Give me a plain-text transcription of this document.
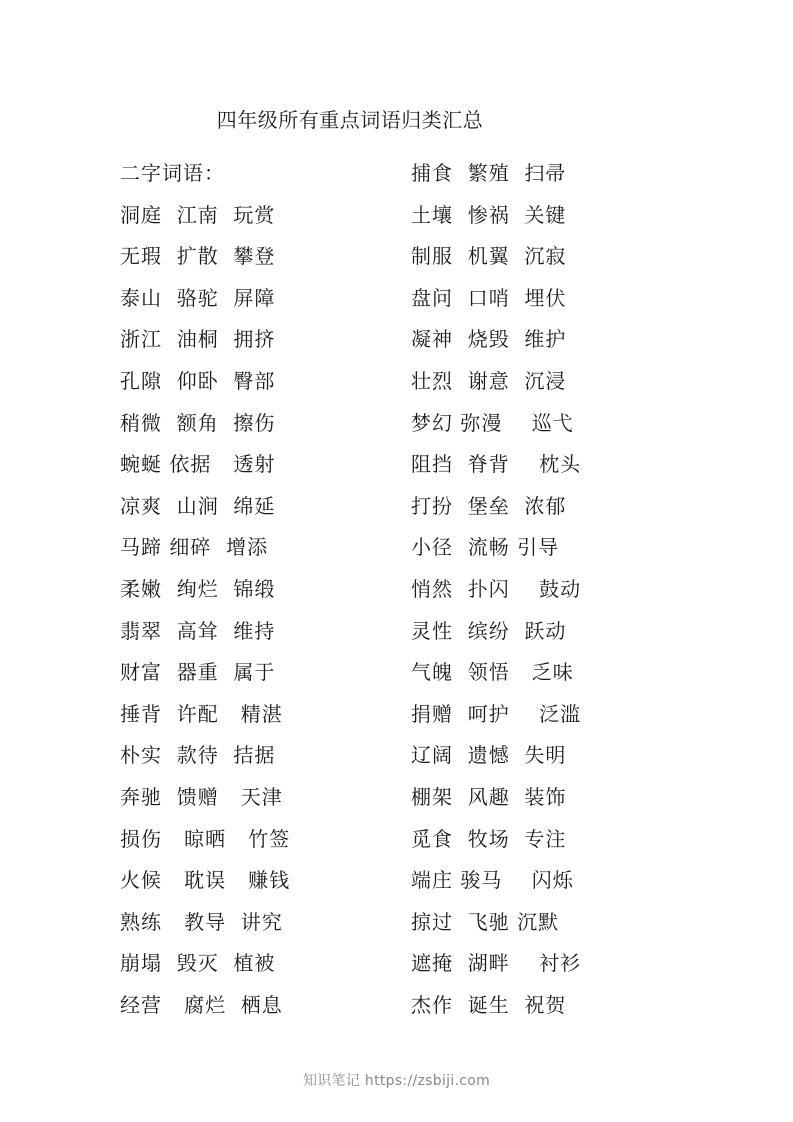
四年级所有重点词语归类汇总
二字词语：
洞庭  江南  玩赏
无瑕  扩散  攀登
泰山  骆驼  屏障
浙江  油桐  拥挤
孔隙  仰卧  臀部
稍微  额角  擦伤
蜿蜒 依据   透射
凉爽  山涧  绵延
马蹄 细碎  增添
柔嫩  绚烂  锦缎
翡翠  高耸  维持
财富  器重  属于
捶背  许配   精湛
朴实  款待  拮据
奔驰  馈赠   天津
损伤   晾晒   竹签
火候   耽误   赚钱
熟练   教导  讲究
崩塌  毁灭  植被
经营   腐烂  栖息
捕食  繁殖  扫帚
土壤  惨祸  关键
制服  机翼  沉寂
盘问  口哨  埋伏
凝神  烧毁  维护
壮烈  谢意  沉浸
梦幻 弥漫    巡弋
阻挡  脊背    枕头
打扮  堡垒  浓郁
小径  流畅 引导
悄然  扑闪    鼓动
灵性  缤纷  跃动
气魄  领悟   乏味
捐赠  呵护    泛滥
辽阔  遗憾  失明
棚架  风趣  装饰
觅食  牧场  专注
端庄 骏马    闪烁
掠过  飞驰 沉默
遮掩  湖畔    衬衫
杰作  诞生  祝贺
知识笔记 https://zsbiji.com
